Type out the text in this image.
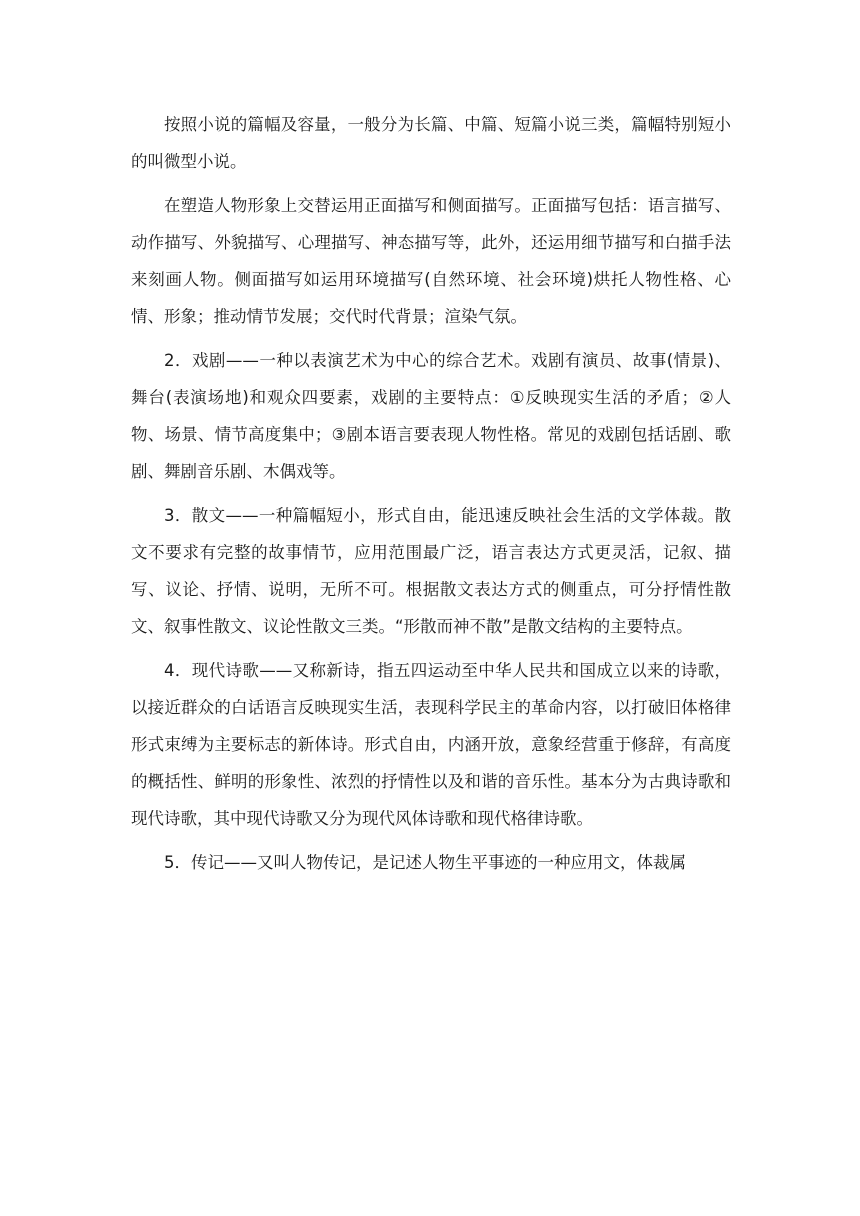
按照小说的篇幅及容量，一般分为长篇、中篇、短篇小说三类，篇幅特别短小的叫微型小说。

在塑造人物形象上交替运用正面描写和侧面描写。正面描写包括：语言描写、动作描写、外貌描写、心理描写、神态描写等，此外，还运用细节描写和白描手法来刻画人物。侧面描写如运用环境描写(自然环境、社会环境)烘托人物性格、心情、形象；推动情节发展；交代时代背景；渲染气氛。

2．戏剧——一种以表演艺术为中心的综合艺术。戏剧有演员、故事(情景)、舞台(表演场地)和观众四要素，戏剧的主要特点：①反映现实生活的矛盾；②人物、场景、情节高度集中；③剧本语言要表现人物性格。常见的戏剧包括话剧、歌剧、舞剧音乐剧、木偶戏等。

3．散文——一种篇幅短小，形式自由，能迅速反映社会生活的文学体裁。散文不要求有完整的故事情节，应用范围最广泛，语言表达方式更灵活，记叙、描写、议论、抒情、说明，无所不可。根据散文表达方式的侧重点，可分抒情性散文、叙事性散文、议论性散文三类。“形散而神不散”是散文结构的主要特点。

4．现代诗歌——又称新诗，指五四运动至中华人民共和国成立以来的诗歌，以接近群众的白话语言反映现实生活，表现科学民主的革命内容，以打破旧体格律形式束缚为主要标志的新体诗。形式自由，内涵开放，意象经营重于修辞，有高度的概括性、鲜明的形象性、浓烈的抒情性以及和谐的音乐性。基本分为古典诗歌和现代诗歌，其中现代诗歌又分为现代风体诗歌和现代格律诗歌。

5．传记——又叫人物传记，是记述人物生平事迹的一种应用文，体裁属
